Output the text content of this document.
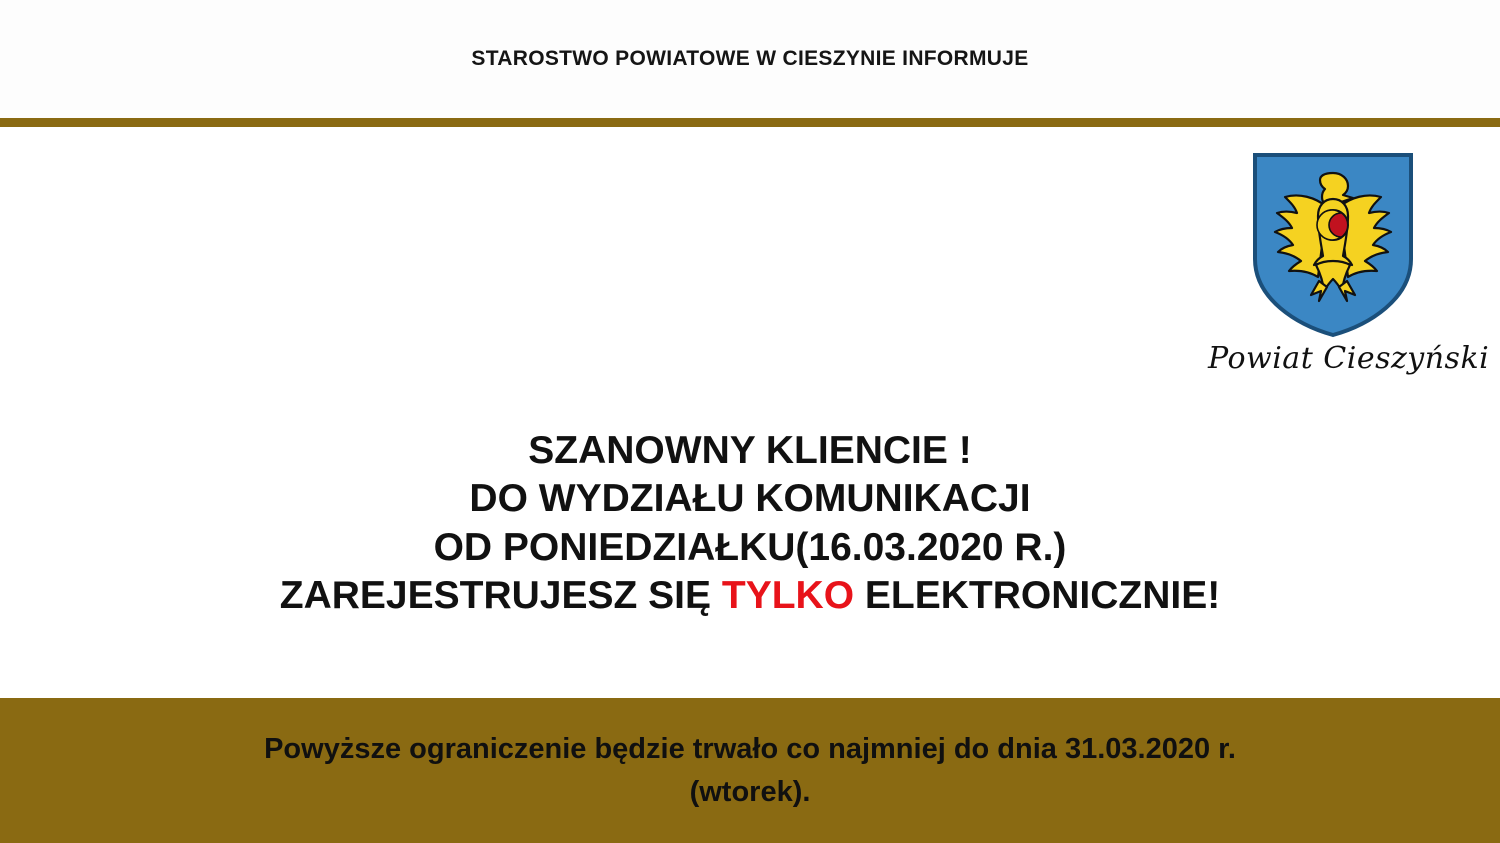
STAROSTWO POWIATOWE W CIESZYNIE INFORMUJE
Powiat Cieszyński
SZANOWNY KLIENCIE !
DO WYDZIAŁU KOMUNIKACJI
OD PONIEDZIAŁKU(16.03.2020 R.)
ZAREJESTRUJESZ SIĘ TYLKO ELEKTRONICZNIE!
Powyższe ograniczenie będzie trwało co najmniej do dnia 31.03.2020 r.
(wtorek).
